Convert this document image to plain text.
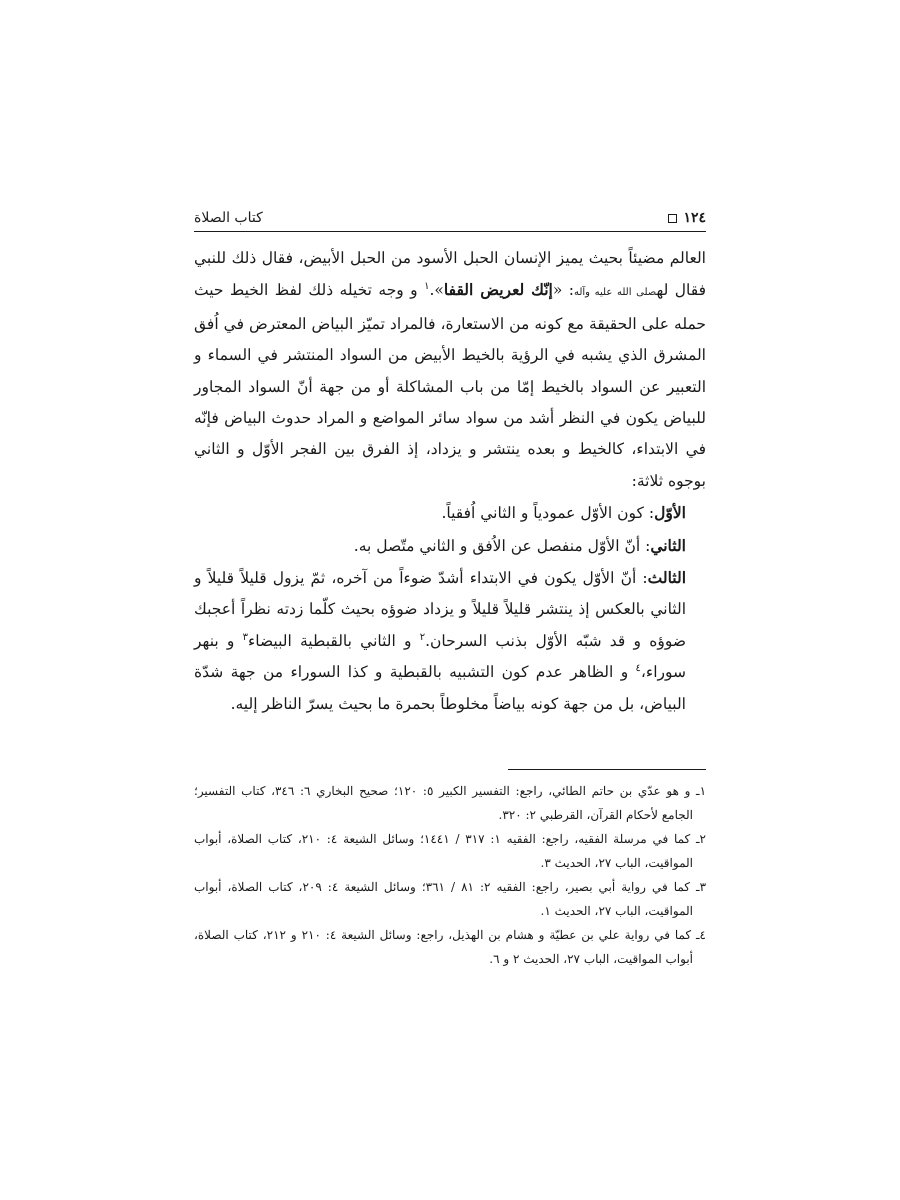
١٢٤
كتاب الصلاة

العالم مضيئاً بحيث يميز الإنسان الحبل الأسود من الحبل الأبيض، فقال ذلك للنبي فقال لهصلى الله عليه وآله: «إنّك لعريض القفا».$^١$ و وجه تخيله ذلك لفظ الخيط حيث حمله على الحقيقة مع كونه من الاستعارة، فالمراد تميّز البياض المعترض في اُفق المشرق الذي يشبه في الرؤية بالخيط الأبيض من السواد المنتشر في السماء و التعبير عن السواد بالخيط إمّا من باب المشاكلة أو من جهة أنّ السواد المجاور للبياض يكون في النظر أشد من سواد سائر المواضع و المراد حدوث البياض فإنّه في الابتداء، كالخيط و بعده ينتشر و يزداد، إذ الفرق بين الفجر الأوّل و الثاني بوجوه ثلاثة:

الأوّل: كون الأوّل عمودياً و الثاني اُفقياً.

الثاني: أنّ الأوّل منفصل عن الاُفق و الثاني متّصل به.

الثالث: أنّ الأوّل يكون في الابتداء أشدّ ضوءاً من آخره، ثمّ يزول قليلاً قليلاً و الثاني بالعكس إذ ينتشر قليلاً قليلاً و يزداد ضوؤه بحيث كلّما زدته نظراً أعجبك ضوؤه و قد شبّه الأوّل بذنب السرحان.$^٢$ و الثاني بالقبطية البيضاء$^٣$ و بنهر سوراء،$^٤$ و الظاهر عدم كون التشبيه بالقبطية و كذا السوراء من جهة شدّة البياض، بل من جهة كونه بياضاً مخلوطاً بحمرة ما بحيث يسرّ الناظر إليه.

١ـ و هو عدّي بن حاتم الطائي، راجع: التفسير الكبير ٥: ١٢٠؛ صحيح البخاري ٦: ٣٤٦، كتاب التفسير؛ الجامع لأحكام القرآن، القرطبي ٢: ٣٢٠.

٢ـ كما في مرسلة الفقيه، راجع: الفقيه ١: ٣١٧ / ١٤٤١؛ وسائل الشيعة ٤: ٢١٠، كتاب الصلاة، أبواب المواقيت، الباب ٢٧، الحديث ٣.

٣ـ كما في رواية أبي بصير، راجع: الفقيه ٢: ٨١ / ٣٦١؛ وسائل الشيعة ٤: ٢٠٩، كتاب الصلاة، أبواب المواقيت، الباب ٢٧، الحديث ١.

٤ـ كما في رواية علي بن عطيّة و هشام بن الهذيل، راجع: وسائل الشيعة ٤: ٢١٠ و ٢١٢، كتاب الصلاة، أبواب المواقيت، الباب ٢٧، الحديث ٢ و ٦.
